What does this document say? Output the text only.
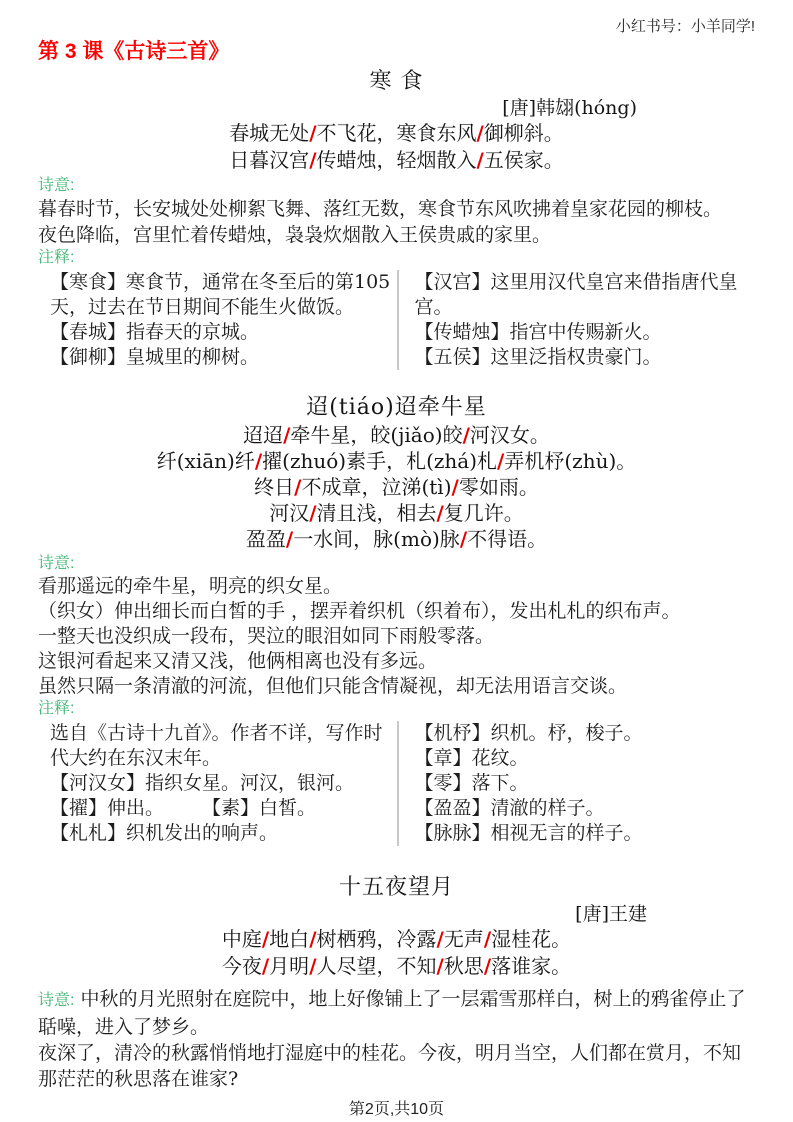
小红书号：小羊同学!
第 3 课《古诗三首》
寒 食
[唐]韩翃(hóng)
春城无处/不飞花，寒食东风/御柳斜。
日暮汉宫/传蜡烛，轻烟散入/五侯家。
诗意:
暮春时节，长安城处处柳絮飞舞、落红无数，寒食节东风吹拂着皇家花园的柳枝。
夜色降临，宫里忙着传蜡烛，袅袅炊烟散入王侯贵戚的家里。
注释:
【寒食】寒食节，通常在冬至后的第105天，过去在节日期间不能生火做饭。
【春城】指春天的京城。
【御柳】皇城里的柳树。
【汉宫】这里用汉代皇宫来借指唐代皇宫。
【传蜡烛】指宫中传赐新火。
【五侯】这里泛指权贵豪门。
迢(tiáo)迢牵牛星
迢迢/牵牛星，皎(jiǎo)皎/河汉女。
纤(xiān)纤/擢(zhuó)素手，札(zhá)札/弄机杼(zhù)。
终日/不成章，泣涕(tì)/零如雨。
河汉/清且浅，相去/复几许。
盈盈/一水间，脉(mò)脉/不得语。
诗意:
看那遥远的牵牛星，明亮的织女星。
（织女）伸出细长而白皙的手 ，摆弄着织机（织着布），发出札札的织布声。
一整天也没织成一段布，哭泣的眼泪如同下雨般零落。
这银河看起来又清又浅，他俩相离也没有多远。
虽然只隔一条清澈的河流，但他们只能含情凝视，却无法用语言交谈。
注释:
选自《古诗十九首》。作者不详，写作时代大约在东汉末年。
【河汉女】指织女星。河汉，银河。
【擢】伸出。　　　【素】白皙。
【札札】织机发出的响声。
【机杼】织机。杼，梭子。
【章】花纹。
【零】落下。
【盈盈】清澈的样子。
【脉脉】相视无言的样子。
十五夜望月
[唐]王建
中庭/地白/树栖鸦，冷露/无声/湿桂花。
今夜/月明/人尽望，不知/秋思/落谁家。
诗意: 中秋的月光照射在庭院中，地上好像铺上了一层霜雪那样白，树上的鸦雀停止了聒噪，进入了梦乡。
夜深了，清冷的秋露悄悄地打湿庭中的桂花。今夜，明月当空，人们都在赏月，不知那茫茫的秋思落在谁家?
第2页,共10页
